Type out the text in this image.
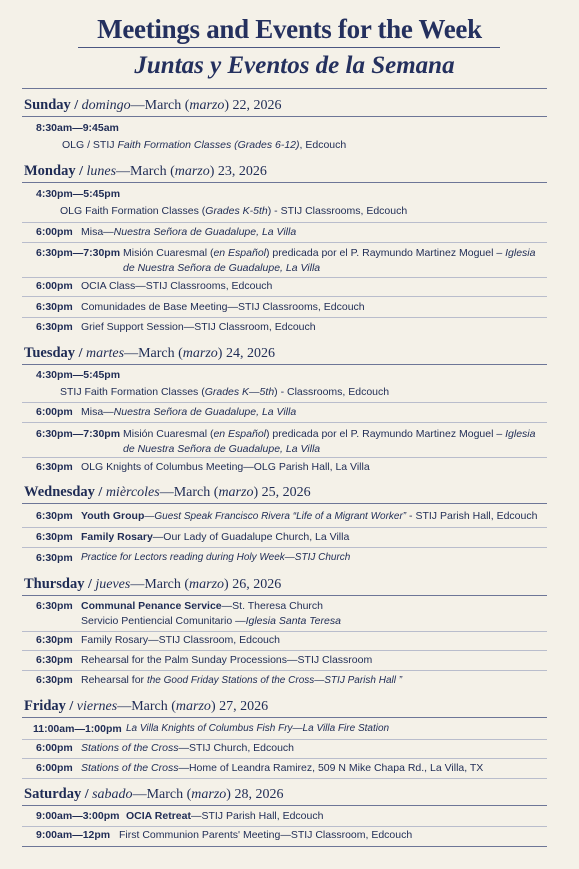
Meetings and Events for the Week
Juntas y Eventos de la Semana
Sunday / domingo—March (marzo) 22, 2026
8:30am—9:45am
OLG / STIJ Faith Formation Classes (Grades 6-12), Edcouch
Monday / lunes—March (marzo) 23, 2026
4:30pm—5:45pm
OLG Faith Formation Classes (Grades K-5th) - STIJ Classrooms, Edcouch
6:00pm Misa—Nuestra Señora de Guadalupe, La Villa
6:30pm—7:30pm Misión Cuaresmal (en Español) predicada por el P. Raymundo Martinez Moguel – Iglesia
de Nuestra Señora de Guadalupe, La Villa
6:00pm OCIA Class—STIJ Classrooms, Edcouch
6:30pm Comunidades de Base Meeting—STIJ Classrooms, Edcouch
6:30pm Grief Support Session—STIJ Classroom, Edcouch
Tuesday / martes—March (marzo) 24, 2026
4:30pm—5:45pm
STIJ Faith Formation Classes (Grades K—5th) - Classrooms, Edcouch
6:00pm Misa—Nuestra Señora de Guadalupe, La Villa
6:30pm—7:30pm Misión Cuaresmal (en Español) predicada por el P. Raymundo Martinez Moguel – Iglesia
de Nuestra Señora de Guadalupe, La Villa
6:30pm OLG Knights of Columbus Meeting—OLG Parish Hall, La Villa
Wednesday / mièrcoles—March (marzo) 25, 2026
6:30pm Youth Group—Guest Speak Francisco Rivera “Life of a Migrant Worker” - STIJ Parish Hall, Edcouch
6:30pm Family Rosary—Our Lady of Guadalupe Church, La Villa
6:30pm Practice for Lectors reading during Holy Week—STIJ Church
Thursday / jueves—March (marzo) 26, 2026
6:30pm Communal Penance Service—St. Theresa Church
Servicio Pentiencial Comunitario —Iglesia Santa Teresa
6:30pm Family Rosary—STIJ Classroom, Edcouch
6:30pm Rehearsal for the Palm Sunday Processions—STIJ Classroom
6:30pm Rehearsal for the Good Friday Stations of the Cross—STIJ Parish Hall ”
Friday / viernes—March (marzo) 27, 2026
11:00am—1:00pm La Villa Knights of Columbus Fish Fry—La Villa Fire Station
6:00pm Stations of the Cross—STIJ Church, Edcouch
6:00pm Stations of the Cross—Home of Leandra Ramirez, 509 N Mike Chapa Rd., La Villa, TX
Saturday / sabado—March (marzo) 28, 2026
9:00am—3:00pm OCIA Retreat—STIJ Parish Hall, Edcouch
9:00am—12pm First Communion Parents' Meeting—STIJ Classroom, Edcouch
